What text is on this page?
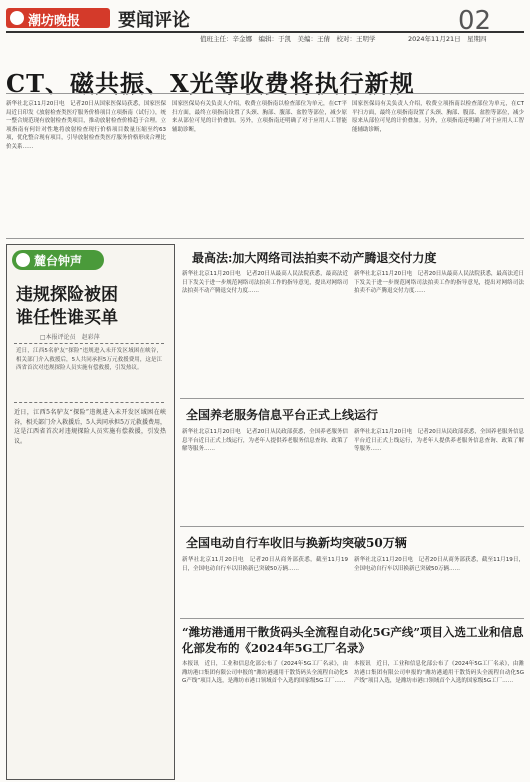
潮坊晚报 要闻评论	02
值班主任：辛金娜　编辑：于凯　美编：王倩　校对：王明学	2024年11月21日　星期四
CT、磁共振、X光等收费将执行新规
新华社北京11月20日电　记者20日从国家医保局获悉，国家医保局近日印发《放射检查类医疗服务价格项目立项指南（试行）》，统一整合规范现有放射检查类项目，推动放射检查价格趋于合理。立项指南有何针对性地将放射检查现行价格项目数量压缩至约63项，优化整合现有项目，引导放射检查类医疗服务价格形成合理比价关系……
国家医保局有关负责人介绍，收费立项指南以检查部位为单元，在CT平扫方面，最终立项指南设置了头颈、胸部、腹部、盆腔等部位，减少原来从部位可见的计价叠加。另外，立项指南还明确了对于应用人工智能辅助诊断，
国家医保局有关负责人介绍，收费立项指南以检查部位为单元，在CT平扫方面，最终立项指南设置了头颈、胸部、腹部、盆腔等部位，减少原来从部位可见的计价叠加。另外，立项指南还明确了对于应用人工智能辅助诊断，
麓台钟声
违规探险被困
谁任性谁买单
□本报评论员　赵彩萍
近日，江西5名驴友“探险”违规进入未开发区域困在峡谷，相关部门介入救援后，5人共同承担5万元救援费用，这是江西省首次对违规探险人员实施有偿救援，引发热议。
近日，江西5名驴友“探险”违规进入未开发区域困在峡谷，相关部门介入救援后，5人共同承担5万元救援费用，这是江西省首次对违规探险人员实施有偿救援，引发热议。
最高法:加大网络司法拍卖不动产腾退交付力度
新华社北京11月20日电　记者20日从最高人民法院获悉，最高法近日下发关于进一步规范网络司法拍卖工作的指导意见，提出对网络司法拍卖不动产腾退交付力度……
新华社北京11月20日电　记者20日从最高人民法院获悉，最高法近日下发关于进一步规范网络司法拍卖工作的指导意见，提出对网络司法拍卖不动产腾退交付力度……
全国养老服务信息平台正式上线运行
新华社北京11月20日电　记者20日从民政部获悉，全国养老服务信息平台近日正式上线运行，为老年人提供养老服务信息查询、政策了解等服务……
新华社北京11月20日电　记者20日从民政部获悉，全国养老服务信息平台近日正式上线运行，为老年人提供养老服务信息查询、政策了解等服务……
全国电动自行车收旧与换新均突破50万辆
新华社北京11月20日电　记者20日从商务部获悉，截至11月19日，全国电动自行车以旧换新已突破50万辆……
新华社北京11月20日电　记者20日从商务部获悉，截至11月19日，全国电动自行车以旧换新已突破50万辆……
“潍坊港通用干散货码头全流程自动化5G产线”项目入选工业和信息化部发布的《2024年5G工厂名录》
本报讯　近日，工业和信息化部公布了《2024年5G工厂名录》，由潍坊港口集团有限公司申报的“潍坊港通用干散货码头全流程自动化5G产线”项目入选，是潍坊市港口领域首个入选的国家级5G工厂……
本报讯　近日，工业和信息化部公布了《2024年5G工厂名录》，由潍坊港口集团有限公司申报的“潍坊港通用干散货码头全流程自动化5G产线”项目入选，是潍坊市港口领域首个入选的国家级5G工厂……
